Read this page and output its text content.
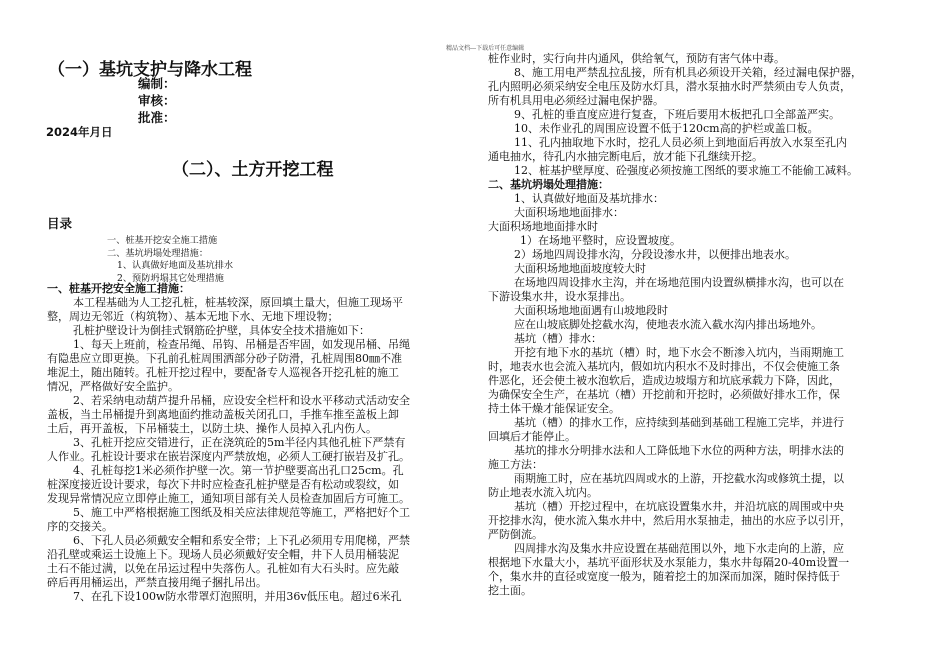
精品文档---下载后可任意编辑
（一）基坑支护与降水工程
编制：
审核：
批准：
2024年月日
（二）、土方开挖工程
目录
一、桩基开挖安全施工措施
二、基坑坍塌处理措施：
1、认真做好地面及基坑排水
2、预防坍塌其它处理措施
一、桩基开挖安全施工措施：
本工程基础为人工挖孔桩，桩基较深，原回填土量大，但施工现场平
整，周边无邻近（构筑物）、基本无地下水、无地下埋设物；
孔桩护壁设计为倒挂式钢筋砼护壁，具体安全技术措施如下：
1、每天上班前，检查吊绳、吊钩、吊桶是否牢固，如发现吊桶、吊绳
有隐患应立即更换。下孔前孔桩周围洒部分砂子防滑，孔桩周围80㎜不准
堆泥土，随出随转。孔桩开挖过程中，要配备专人巡视各开挖孔桩的施工
情况，严格做好安全监护。
2、若采纳电动葫芦提升吊桶，应设安全栏杆和设水平移动式活动安全
盖板，当土吊桶提升到离地面约推动盖板关闭孔口，手推车推至盖板上卸
土后，再开盖板，下吊桶装土，以防土块、操作人员掉入孔内伤人。
3、孔桩开挖应交错进行，正在浇筑砼的5m半径内其他孔桩下严禁有
人作业。孔桩设计要求在嵌岩深度内严禁放炮，必须人工硬打嵌岩及扩孔。
4、孔桩每挖1米必须作护壁一次。第一节护壁要高出孔口25cm。孔
桩深度接近设计要求，每次下井时应检查孔桩护壁是否有松动或裂纹，如
发现异常情况应立即停止施工，通知项目部有关人员检查加固后方可施工。
5、施工中严格根据施工图纸及相关应法律规范等施工，严格把好个工
序的交接关。
6、下孔人员必须戴安全帽和系安全带；上下孔必须用专用爬梯，严禁
沿孔壁或乘运土设施上下。现场人员必须戴好安全帽，井下人员用桶装泥
土石不能过满，以免在吊运过程中失落伤人。孔桩如有大石头时。应先敲
碎后再用桶运出，严禁直接用绳子捆扎吊出。
7、在孔下设100w防水带罩灯泡照明，并用36v低压电。超过6米孔
桩作业时，实行向井内通风，供给氧气，预防有害气体中毒。
8、施工用电严禁乱拉乱接，所有机具必须设开关箱，经过漏电保护器，
孔内照明必须采纳安全电压及防水灯具，潜水泵抽水时严禁须由专人负责，
所有机具用电必须经过漏电保护器。
9、孔桩的垂直度应进行复查，下班后要用木板把孔口全部盖严实。
10、未作业孔的周围应设置不低于120cm高的护栏或盖口板。
11、孔内抽取地下水时，挖孔人员必须上到地面后再放入水泵至孔内
通电抽水，待孔内水抽完断电后，放才能下孔继续开挖。
12、桩基护壁厚度、砼强度必须按施工图纸的要求施工不能偷工减料。
二、基坑坍塌处理措施：
1、认真做好地面及基坑排水：
大面积场地地面排水：
大面积场地地面排水时
1）在场地平整时，应设置坡度。
2）场地四周设排水沟，分段设渗水井，以便排出地表水。
大面积场地地面坡度较大时
在场地四周设排水主沟，并在场地范围内设置纵横排水沟，也可以在
下游设集水井，设水泵排出。
大面积场地地面遇有山坡地段时
应在山坡底脚处挖截水沟，使地表水流入截水沟内排出场地外。
基坑（槽）排水：
开挖有地下水的基坑（槽）时，地下水会不断渗入坑内，当雨期施工
时，地表水也会流入基坑内，假如坑内积水不及时排出，不仅会使施工条
件恶化，还会使土被水泡软后，造成边坡塌方和坑底承载力下降，因此，
为确保安全生产，在基坑（槽）开挖前和开挖时，必须做好排水工作，保
持土体干燥才能保证安全。
基坑（槽）的排水工作，应持续到基础到基础工程施工完毕，并进行
回填后才能停止。
基坑的排水分明排水法和人工降低地下水位的两种方法，明排水法的
施工方法：
雨期施工时，应在基坑四周或水的上游，开挖截水沟或修筑土提，以
防止地表水流入坑内。
基坑（槽）开挖过程中，在坑底设置集水井，并沿坑底的周围或中央
开挖排水沟，使水流入集水井中，然后用水泵抽走，抽出的水应予以引开，
严防倒流。
四周排水沟及集水井应设置在基础范围以外，地下水走向的上游，应
根据地下水量大小，基坑平面形状及水泵能力，集水井每隔20-40m设置一
个，集水井的直径或宽度一般为，随着挖土的加深而加深，随时保持低于
挖土面。
